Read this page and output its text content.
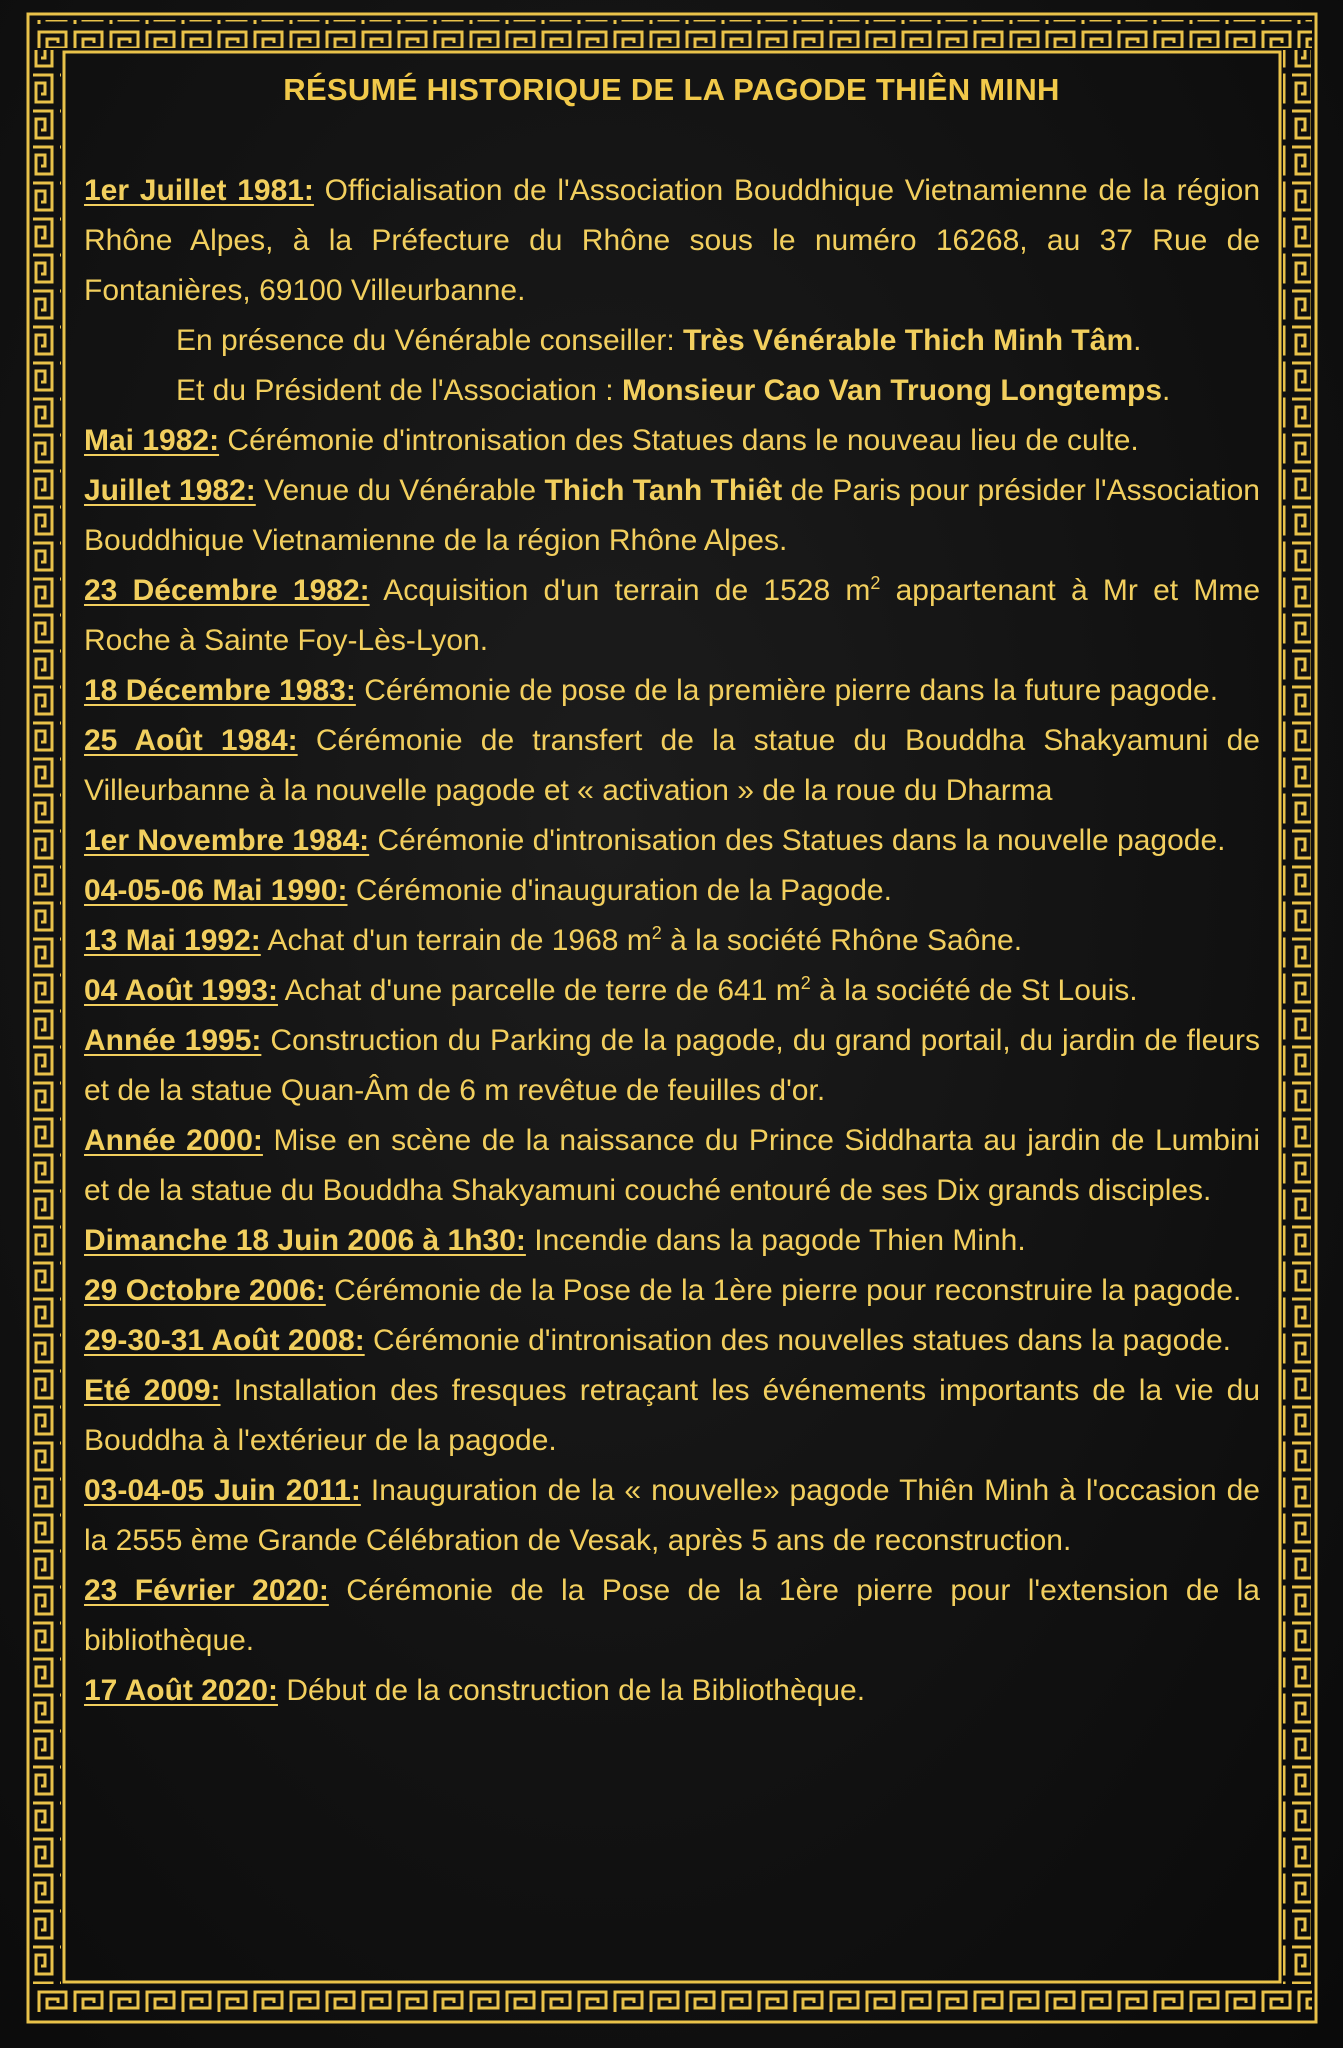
RÉSUMÉ HISTORIQUE DE LA PAGODE THIÊN MINH

1er Juillet 1981: Officialisation de l'Association Bouddhique Vietnamienne de la région Rhône Alpes, à la Préfecture du Rhône sous le numéro 16268, au 37 Rue de Fontanières, 69100 Villeurbanne.

En présence du Vénérable conseiller: Très Vénérable Thich Minh Tâm.

Et du Président de l'Association : Monsieur Cao Van Truong Longtemps.

Mai 1982: Cérémonie d'intronisation des Statues dans le nouveau lieu de culte.

Juillet 1982: Venue du Vénérable Thich Tanh Thiêt de Paris pour présider l'Association Bouddhique Vietnamienne de la région Rhône Alpes.

23 Décembre 1982: Acquisition d'un terrain de 1528 $m^2$ appartenant à Mr et Mme Roche à Sainte Foy-Lès-Lyon.

18 Décembre 1983: Cérémonie de pose de la première pierre dans la future pagode.

25 Août 1984: Cérémonie de transfert de la statue du Bouddha Shakyamuni de Villeurbanne à la nouvelle pagode et « activation » de la roue du Dharma

1er Novembre 1984: Cérémonie d'intronisation des Statues dans la nouvelle pagode.

04-05-06 Mai 1990: Cérémonie d'inauguration de la Pagode.

13 Mai 1992: Achat d'un terrain de 1968 $m^2$ à la société Rhône Saône.

04 Août 1993: Achat d'une parcelle de terre de 641 $m^2$ à la société de St Louis.

Année 1995: Construction du Parking de la pagode, du grand portail, du jardin de fleurs et de la statue Quan-Âm de 6 m revêtue de feuilles d'or.

Année 2000: Mise en scène de la naissance du Prince Siddharta au jardin de Lumbini et de la statue du Bouddha Shakyamuni couché entouré de ses Dix grands disciples.

Dimanche 18 Juin 2006 à 1h30: Incendie dans la pagode Thien Minh.

29 Octobre 2006: Cérémonie de la Pose de la 1ère pierre pour reconstruire la pagode.

29-30-31 Août 2008: Cérémonie d'intronisation des nouvelles statues dans la pagode.

Eté 2009: Installation des fresques retraçant les événements importants de la vie du Bouddha à l'extérieur de la pagode.

03-04-05 Juin 2011: Inauguration de la « nouvelle» pagode Thiên Minh à l'occasion de la 2555 ème Grande Célébration de Vesak, après 5 ans de reconstruction.

23 Février 2020: Cérémonie de la Pose de la 1ère pierre pour l'extension de la bibliothèque.

17 Août 2020: Début de la construction de la Bibliothèque.
